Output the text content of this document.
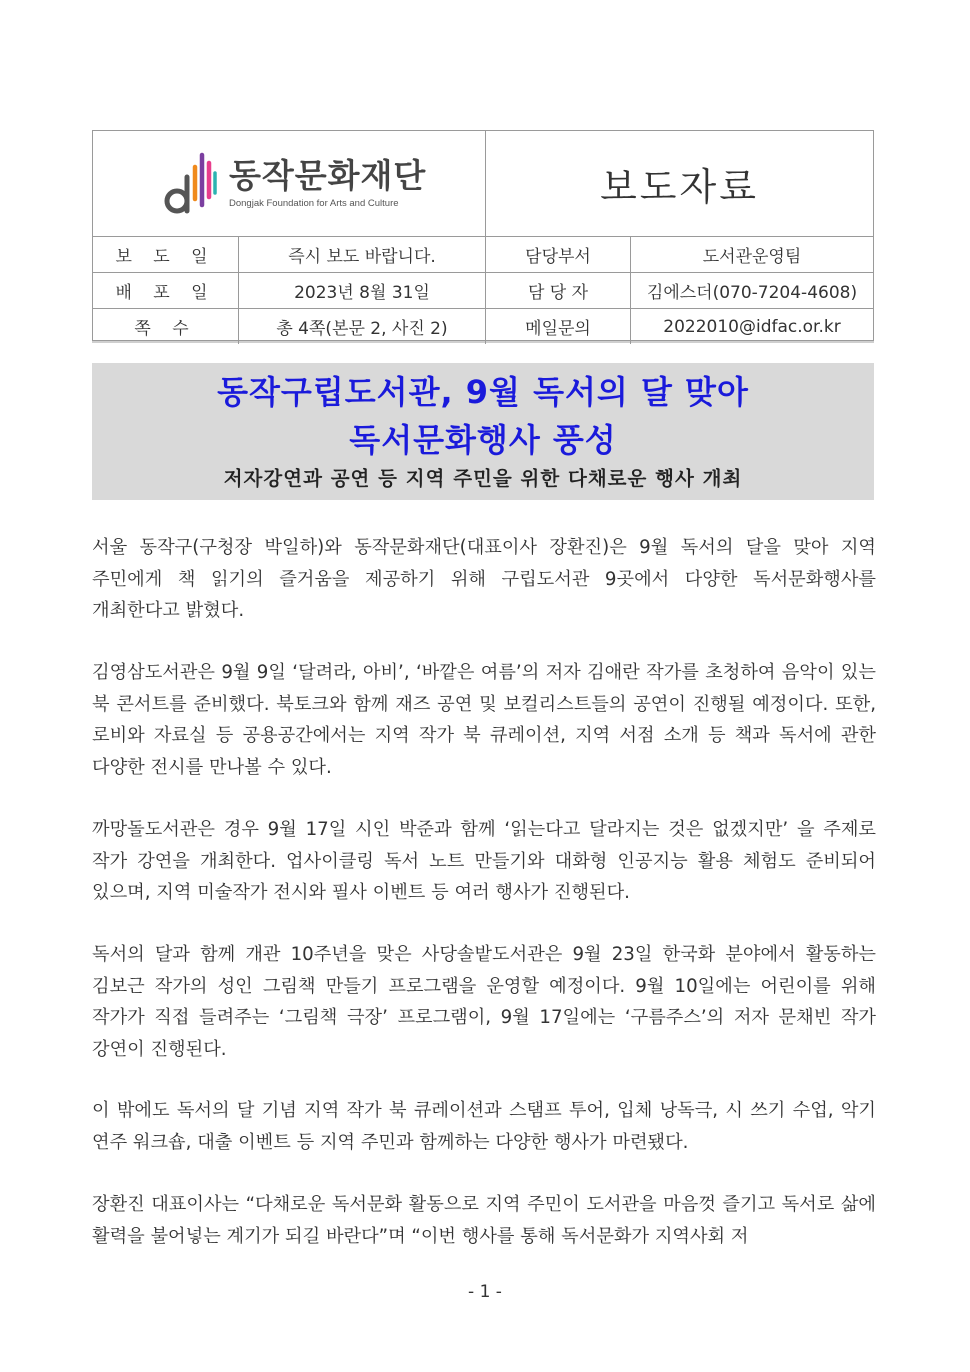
동작문화재단
Dongjak Foundation for Arts and Culture	보도자료
보 도 일	즉시 보도 바랍니다.	담당부서	도서관운영팀
배 포 일	2023년 8월 31일	담 당 자	김에스더(070-7204-4608)
쪽 수	총 4쪽(본문 2, 사진 2)	메일문의	2022010@idfac.or.kr
동작구립도서관, 9월 독서의 달 맞아
독서문화행사 풍성
저자강연과 공연 등 지역 주민을 위한 다채로운 행사 개최
서울 동작구(구청장 박일하)와 동작문화재단(대표이사 장환진)은 9월 독서의 달을 맞아 지역 주민에게 책 읽기의 즐거움을 제공하기 위해 구립도서관 9곳에서 다양한 독서문화행사를 개최한다고 밝혔다.
김영삼도서관은 9월 9일 ‘달려라, 아비’, ‘바깥은 여름’의 저자 김애란 작가를 초청하여 음악이 있는 북 콘서트를 준비했다. 북토크와 함께 재즈 공연 및 보컬리스트들의 공연이 진행될 예정이다. 또한, 로비와 자료실 등 공용공간에서는 지역 작가 북 큐레이션, 지역 서점 소개 등 책과 독서에 관한 다양한 전시를 만나볼 수 있다.
까망돌도서관은 경우 9월 17일 시인 박준과 함께 ‘읽는다고 달라지는 것은 없겠지만’ 을 주제로 작가 강연을 개최한다. 업사이클링 독서 노트 만들기와 대화형 인공지능 활용 체험도 준비되어 있으며, 지역 미술작가 전시와 필사 이벤트 등 여러 행사가 진행된다.
독서의 달과 함께 개관 10주년을 맞은 사당솔밭도서관은 9월 23일 한국화 분야에서 활동하는 김보근 작가의 성인 그림책 만들기 프로그램을 운영할 예정이다. 9월 10일에는 어린이를 위해 작가가 직접 들려주는 ‘그림책 극장’ 프로그램이, 9월 17일에는 ‘구름주스’의 저자 문채빈 작가 강연이 진행된다.
이 밖에도 독서의 달 기념 지역 작가 북 큐레이션과 스탬프 투어, 입체 낭독극, 시 쓰기 수업, 악기 연주 워크숍, 대출 이벤트 등 지역 주민과 함께하는 다양한 행사가 마련됐다.
장환진 대표이사는 “다채로운 독서문화 활동으로 지역 주민이 도서관을 마음껏 즐기고 독서로 삶에 활력을 불어넣는 계기가 되길 바란다”며 “이번 행사를 통해 독서문화가 지역사회 저
- 1 -
